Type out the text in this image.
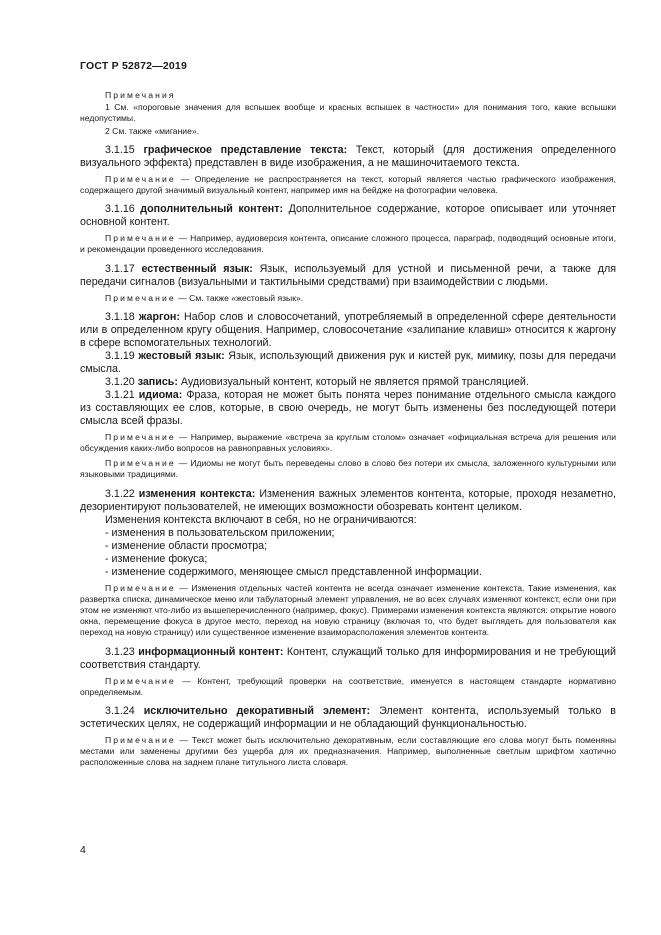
ГОСТ Р 52872—2019
Примечания
1 См. «пороговые значения для вспышек вообще и красных вспышек в частности» для понимания того, какие вспышки недопустимы.
2 См. также «мигание».
3.1.15 графическое представление текста: Текст, который (для достижения определенного визуального эффекта) представлен в виде изображения, а не машиночитаемого текста.
Примечание — Определение не распространяется на текст, который является частью графического изображения, содержащего другой значимый визуальный контент, например имя на бейдже на фотографии человека.
3.1.16 дополнительный контент: Дополнительное содержание, которое описывает или уточняет основной контент.
Примечание — Например, аудиоверсия контента, описание сложного процесса, параграф, подводящий основные итоги, и рекомендации проведенного исследования.
3.1.17 естественный язык: Язык, используемый для устной и письменной речи, а также для передачи сигналов (визуальными и тактильными средствами) при взаимодействии с людьми.
Примечание — См. также «жестовый язык».
3.1.18 жаргон: Набор слов и словосочетаний, употребляемый в определенной сфере деятельности или в определенном кругу общения. Например, словосочетание «залипание клавиш» относится к жаргону в сфере вспомогательных технологий.
3.1.19 жестовый язык: Язык, использующий движения рук и кистей рук, мимику, позы для передачи смысла.
3.1.20 запись: Аудиовизуальный контент, который не является прямой трансляцией.
3.1.21 идиома: Фраза, которая не может быть понята через понимание отдельного смысла каждого из составляющих ее слов, которые, в свою очередь, не могут быть изменены без последующей потери смысла всей фразы.
Примечание — Например, выражение «встреча за круглым столом» означает «официальная встреча для решения или обсуждения каких-либо вопросов на равноправных условиях».
Примечание — Идиомы не могут быть переведены слово в слово без потери их смысла, заложенного культурными или языковыми традициями.
3.1.22 изменения контекста: Изменения важных элементов контента, которые, проходя незаметно, дезориентируют пользователей, не имеющих возможности обозревать контент целиком.
Изменения контекста включают в себя, но не ограничиваются:
- изменения в пользовательском приложении;
- изменение области просмотра;
- изменение фокуса;
- изменение содержимого, меняющее смысл представленной информации.
Примечание — Изменения отдельных частей контента не всегда означает изменение контекста. Такие изменения, как развертка списка, динамическое меню или табулаторный элемент управления, не во всех случаях изменяют контекст, если они при этом не изменяют что-либо из вышеперечисленного (например, фокус). Примерами изменения контекста являются: открытие нового окна, перемещение фокуса в другое место, переход на новую страницу (включая то, что будет выглядеть для пользователя как переход на новую страницу) или существенное изменение взаиморасположения элементов контента.
3.1.23 информационный контент: Контент, служащий только для информирования и не требующий соответствия стандарту.
Примечание — Контент, требующий проверки на соответствие, именуется в настоящем стандарте нормативно определяемым.
3.1.24 исключительно декоративный элемент: Элемент контента, используемый только в эстетических целях, не содержащий информации и не обладающий функциональностью.
Примечание — Текст может быть исключительно декоративным, если составляющие его слова могут быть поменяны местами или заменены другими без ущерба для их предназначения. Например, выполненные светлым шрифтом хаотично расположенные слова на заднем плане титульного листа словаря.
4
